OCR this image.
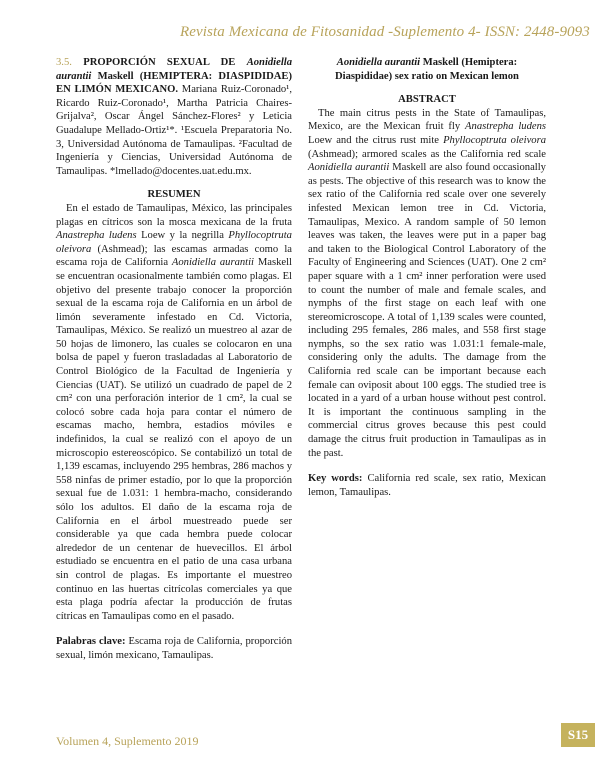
Revista Mexicana de Fitosanidad -Suplemento 4- ISSN: 2448-9093

3.5. PROPORCIÓN SEXUAL DE Aonidiella aurantii Maskell (HEMIPTERA: DIASPIDIDAE) EN LIMÓN MEXICANO. Mariana Ruiz-Coronado¹, Ricardo Ruiz-Coronado¹, Martha Patricia Chaires-Grijalva², Oscar Ángel Sánchez-Flores² y Leticia Guadalupe Mellado-Ortiz¹*. ¹Escuela Preparatoria No. 3, Universidad Autónoma de Tamaulipas. ²Facultad de Ingeniería y Ciencias, Universidad Autónoma de Tamaulipas. *lmellado@docentes.uat.edu.mx.

RESUMEN

En el estado de Tamaulipas, México, las principales plagas en cítricos son la mosca mexicana de la fruta Anastrepha ludens Loew y la negrilla Phyllocoptruta oleivora (Ashmead); las escamas armadas como la escama roja de California Aonidiella aurantii Maskell se encuentran ocasionalmente también como plagas. El objetivo del presente trabajo conocer la proporción sexual de la escama roja de California en un árbol de limón severamente infestado en Cd. Victoria, Tamaulipas, México. Se realizó un muestreo al azar de 50 hojas de limonero, las cuales se colocaron en una bolsa de papel y fueron trasladadas al Laboratorio de Control Biológico de la Facultad de Ingeniería y Ciencias (UAT). Se utilizó un cuadrado de papel de 2 cm² con una perforación interior de 1 cm², la cual se colocó sobre cada hoja para contar el número de escamas macho, hembra, estadios móviles e indefinidos, la cual se realizó con el apoyo de un microscopio estereoscópico. Se contabilizó un total de 1,139 escamas, incluyendo 295 hembras, 286 machos y 558 ninfas de primer estadío, por lo que la proporción sexual fue de 1.031: 1 hembra-macho, considerando sólo los adultos. El daño de la escama roja de California en el árbol muestreado puede ser considerable ya que cada hembra puede colocar alrededor de un centenar de huevecillos. El árbol estudiado se encuentra en el patio de una casa urbana sin control de plagas. Es importante el muestreo continuo en las huertas citrícolas comerciales ya que esta plaga podría afectar la producción de frutas cítricas en Tamaulipas como en el pasado.

Palabras clave: Escama roja de California, proporción sexual, limón mexicano, Tamaulipas.

Aonidiella aurantii Maskell (Hemiptera: Diaspididae) sex ratio on Mexican lemon

ABSTRACT

The main citrus pests in the State of Tamaulipas, Mexico, are the Mexican fruit fly Anastrepha ludens Loew and the citrus rust mite Phyllocoptruta oleivora (Ashmead); armored scales as the California red scale Aonidiella aurantii Maskell are also found occasionally as pests. The objective of this research was to know the sex ratio of the California red scale over one severely infested Mexican lemon tree in Cd. Victoria, Tamaulipas, Mexico. A random sample of 50 lemon leaves was taken, the leaves were put in a paper bag and taken to the Biological Control Laboratory of the Faculty of Engineering and Sciences (UAT). One 2 cm² paper square with a 1 cm² inner perforation were used to count the number of male and female scales, and nymphs of the first stage on each leaf with one stereomicroscope. A total of 1,139 scales were counted, including 295 females, 286 males, and 558 first stage nymphs, so the sex ratio was 1.031:1 female-male, considering only the adults. The damage from the California red scale can be important because each female can oviposit about 100 eggs. The studied tree is located in a yard of a urban house without pest control. It is important the continuous sampling in the commercial citrus groves because this pest could damage the citrus fruit production in Tamaulipas as in the past.

Key words: California red scale, sex ratio, Mexican lemon, Tamaulipas.

Volumen 4, Suplemento 2019	S15
